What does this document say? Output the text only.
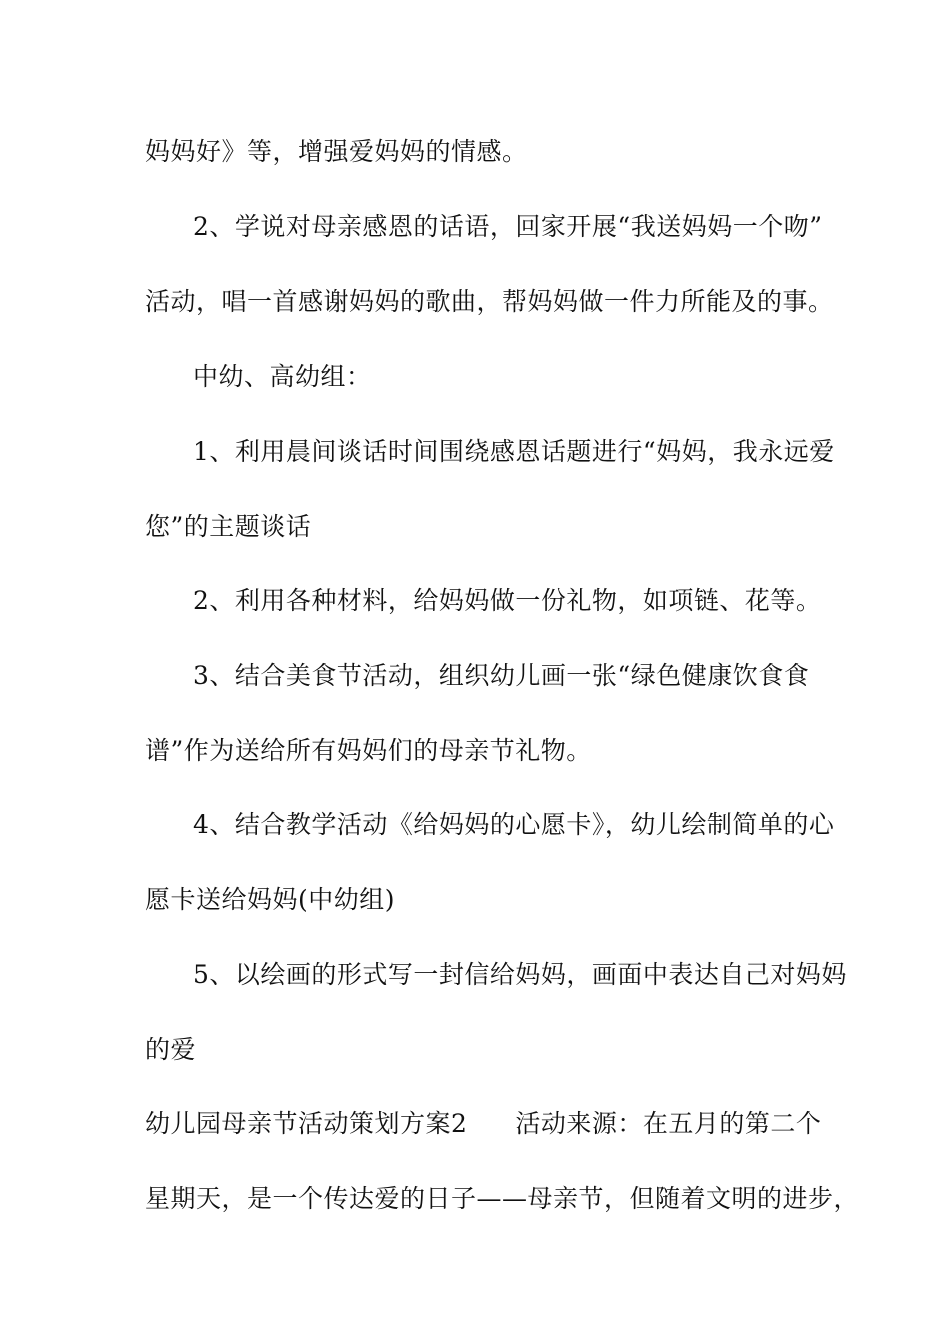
妈妈好》等，增强爱妈妈的情感。
2、学说对母亲感恩的话语，回家开展“我送妈妈一个吻”
活动，唱一首感谢妈妈的歌曲，帮妈妈做一件力所能及的事。
中幼、高幼组：
1、利用晨间谈话时间围绕感恩话题进行“妈妈，我永远爱
您”的主题谈话
2、利用各种材料，给妈妈做一份礼物，如项链、花等。
3、结合美食节活动，组织幼儿画一张“绿色健康饮食食
谱”作为送给所有妈妈们的母亲节礼物。
4、结合教学活动《给妈妈的心愿卡》，幼儿绘制简单的心
愿卡送给妈妈(中幼组)
5、以绘画的形式写一封信给妈妈，画面中表达自己对妈妈
的爱
幼儿园母亲节活动策划方案2 活动来源：在五月的第二个
星期天，是一个传达爱的日子——母亲节，但随着文明的进步，
